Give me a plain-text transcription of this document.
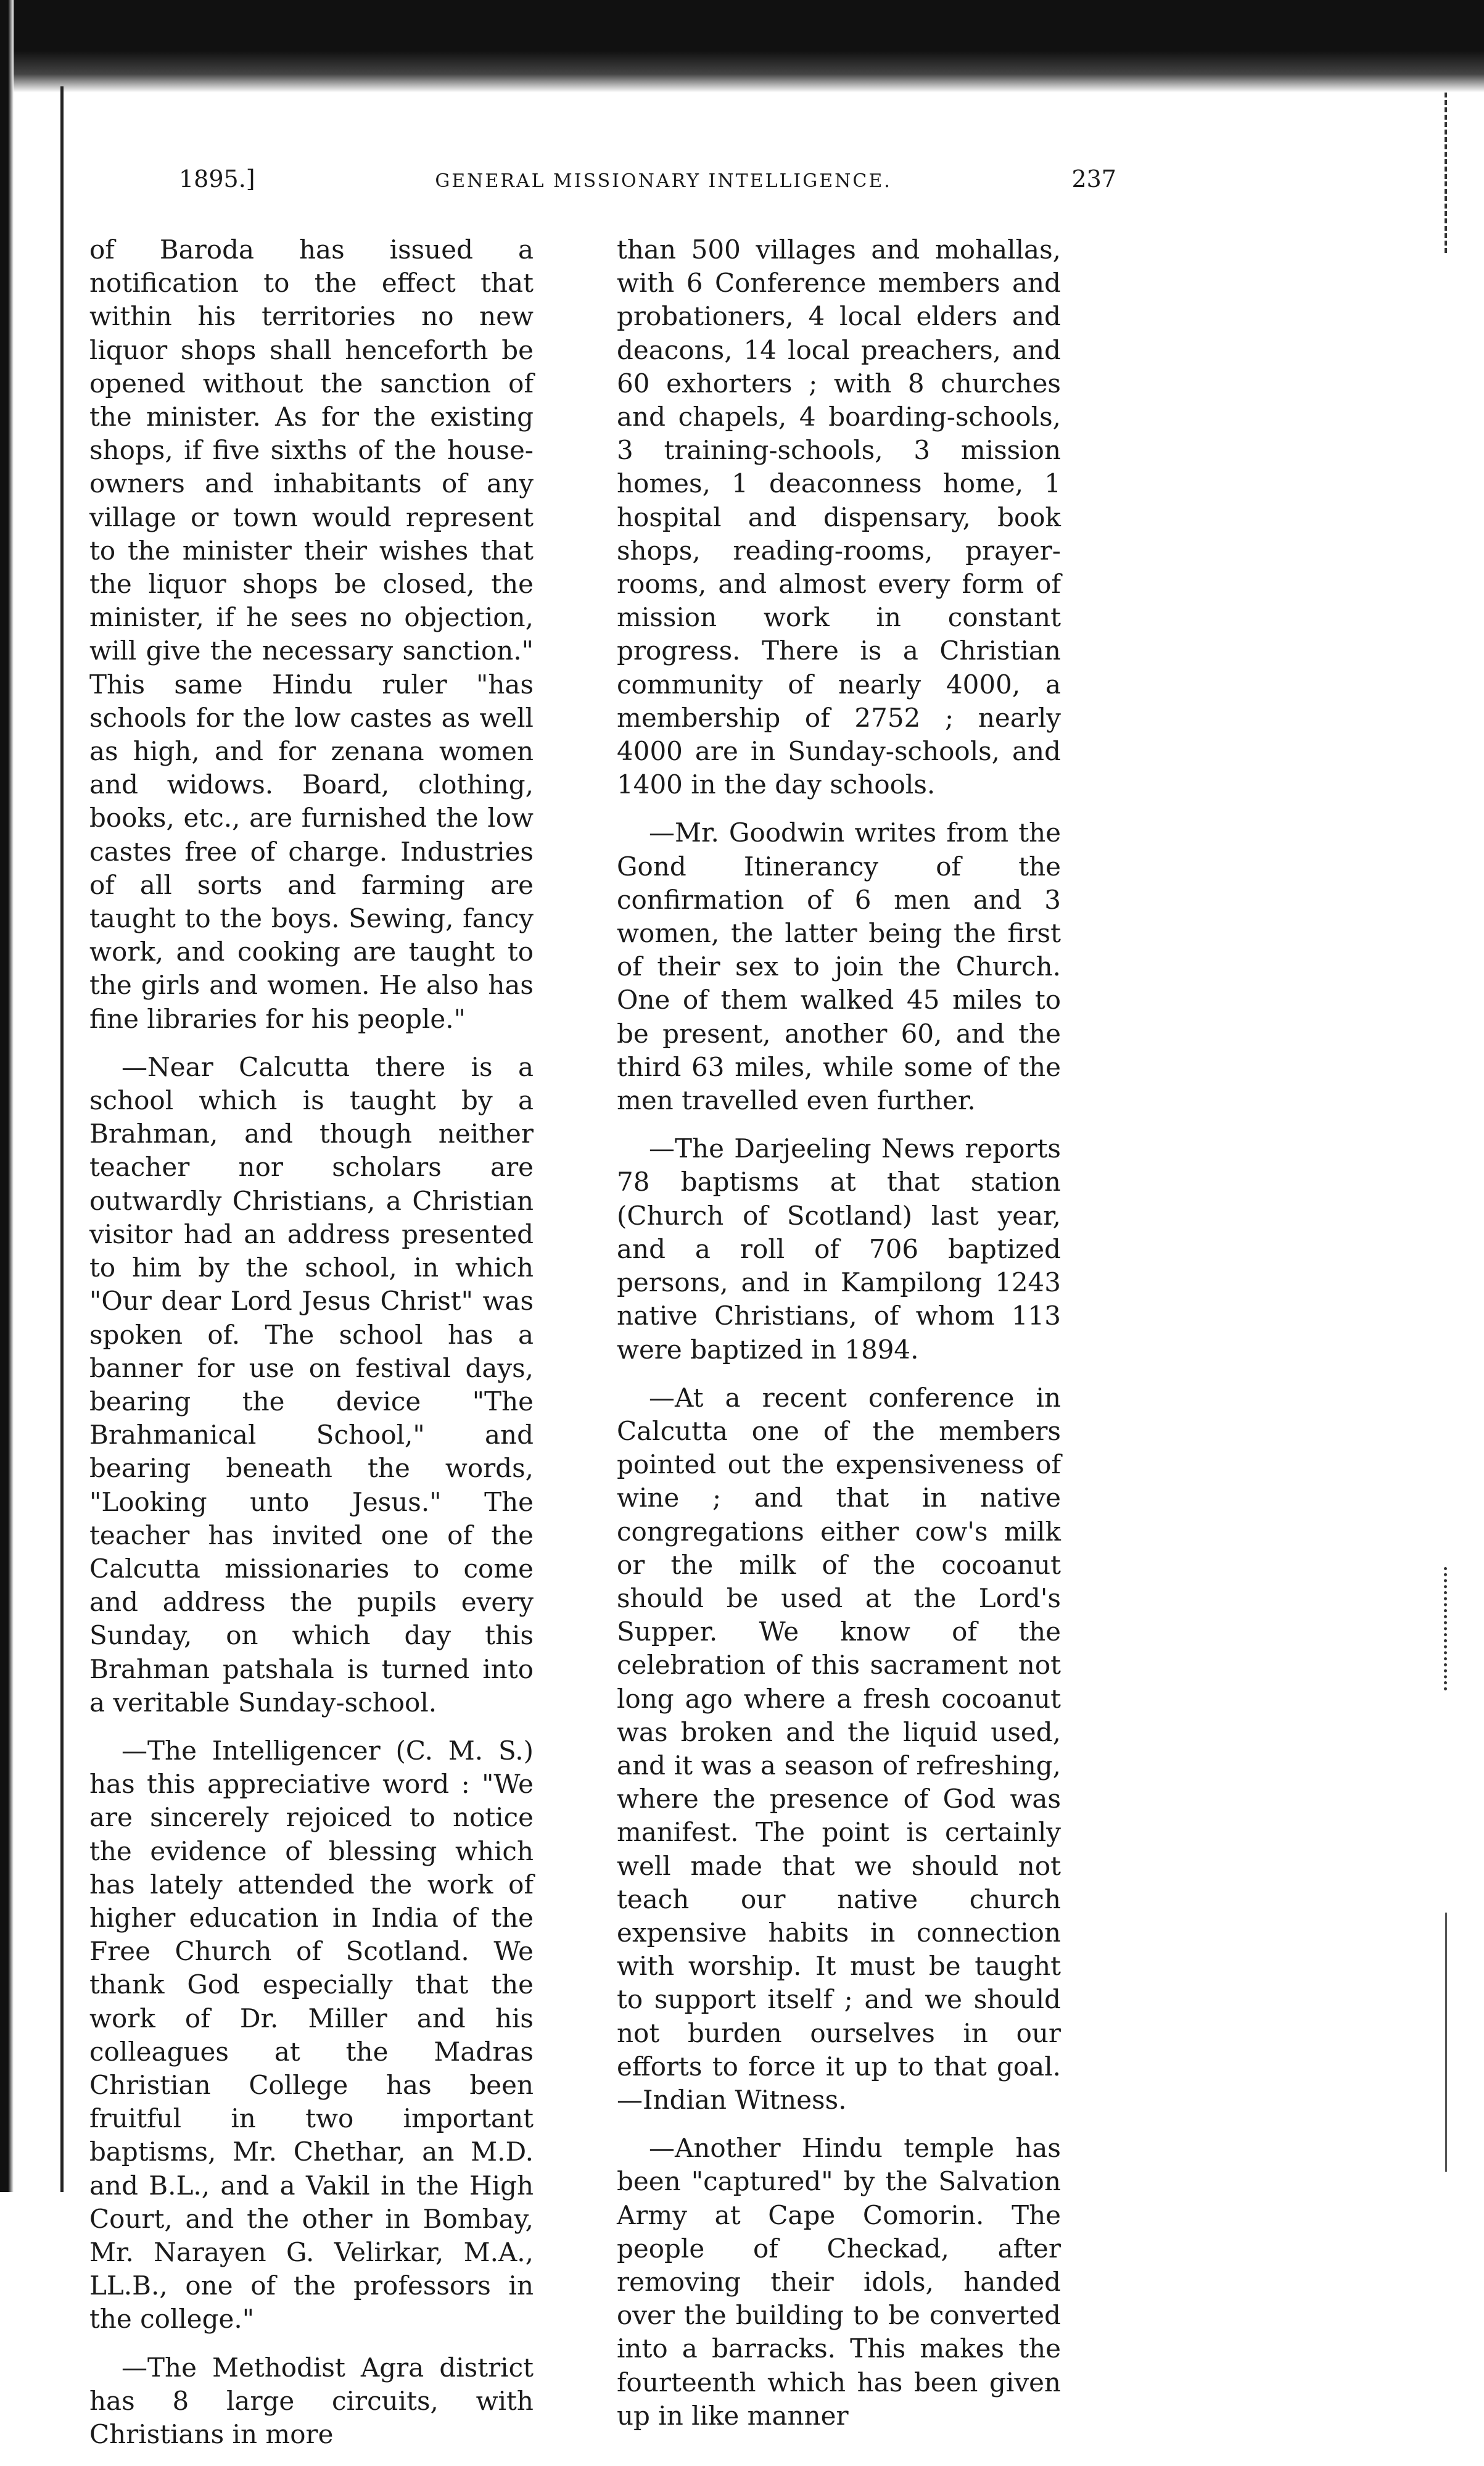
1895.]	GENERAL MISSIONARY INTELLIGENCE.	237

of Baroda has issued a notification to the effect that within his territories no new liquor shops shall henceforth be opened without the sanction of the minister. As for the existing shops, if five sixths of the house-owners and inhabitants of any village or town would represent to the minister their wishes that the liquor shops be closed, the minister, if he sees no objection, will give the necessary sanction." This same Hindu ruler "has schools for the low castes as well as high, and for zenana women and widows. Board, clothing, books, etc., are furnished the low castes free of charge. Industries of all sorts and farming are taught to the boys. Sewing, fancy work, and cooking are taught to the girls and women. He also has fine libraries for his people."

—Near Calcutta there is a school which is taught by a Brahman, and though neither teacher nor scholars are outwardly Christians, a Christian visitor had an address presented to him by the school, in which "Our dear Lord Jesus Christ" was spoken of. The school has a banner for use on festival days, bearing the device "The Brahmanical School," and bearing beneath the words, "Looking unto Jesus." The teacher has invited one of the Calcutta missionaries to come and address the pupils every Sunday, on which day this Brahman patshala is turned into a veritable Sunday-school.

—The Intelligencer (C. M. S.) has this appreciative word : "We are sincerely rejoiced to notice the evidence of blessing which has lately attended the work of higher education in India of the Free Church of Scotland. We thank God especially that the work of Dr. Miller and his colleagues at the Madras Christian College has been fruitful in two important baptisms, Mr. Chethar, an M.D. and B.L., and a Vakil in the High Court, and the other in Bombay, Mr. Narayen G. Velirkar, M.A., LL.B., one of the professors in the college."

—The Methodist Agra district has 8 large circuits, with Christians in more

than 500 villages and mohallas, with 6 Conference members and probationers, 4 local elders and deacons, 14 local preachers, and 60 exhorters ; with 8 churches and chapels, 4 boarding-schools, 3 training-schools, 3 mission homes, 1 deaconness home, 1 hospital and dispensary, book shops, reading-rooms, prayer-rooms, and almost every form of mission work in constant progress. There is a Christian community of nearly 4000, a membership of 2752 ; nearly 4000 are in Sunday-schools, and 1400 in the day schools.

—Mr. Goodwin writes from the Gond Itinerancy of the confirmation of 6 men and 3 women, the latter being the first of their sex to join the Church. One of them walked 45 miles to be present, another 60, and the third 63 miles, while some of the men travelled even further.

—The Darjeeling News reports 78 baptisms at that station (Church of Scotland) last year, and a roll of 706 baptized persons, and in Kampilong 1243 native Christians, of whom 113 were baptized in 1894.

—At a recent conference in Calcutta one of the members pointed out the expensiveness of wine ; and that in native congregations either cow's milk or the milk of the cocoanut should be used at the Lord's Supper. We know of the celebration of this sacrament not long ago where a fresh cocoanut was broken and the liquid used, and it was a season of refreshing, where the presence of God was manifest. The point is certainly well made that we should not teach our native church expensive habits in connection with worship. It must be taught to support itself ; and we should not burden ourselves in our efforts to force it up to that goal.—Indian Witness.

—Another Hindu temple has been "captured" by the Salvation Army at Cape Comorin. The people of Checkad, after removing their idols, handed over the building to be converted into a barracks. This makes the fourteenth which has been given up in like manner
